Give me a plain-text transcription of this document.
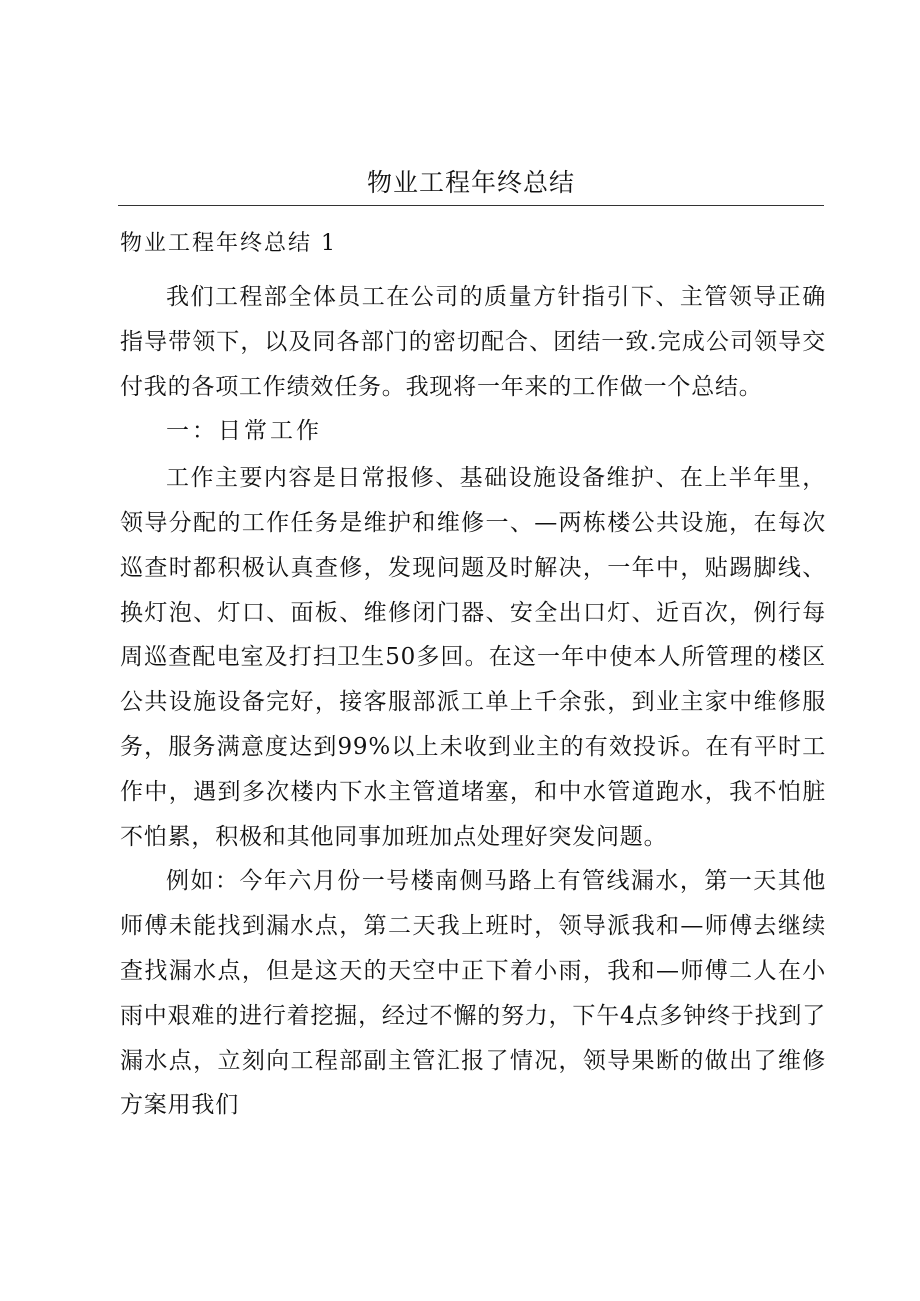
物业工程年终总结
物业工程年终总结 1

我们工程部全体员工在公司的质量方针指引下、主管领导正确指导带领下，以及同各部门的密切配合、团结一致.完成公司领导交付我的各项工作绩效任务。我现将一年来的工作做一个总结。

一：日常工作

工作主要内容是日常报修、基础设施设备维护、在上半年里，领导分配的工作任务是维护和维修一、—两栋楼公共设施，在每次巡查时都积极认真查修，发现问题及时解决，一年中，贴踢脚线、换灯泡、灯口、面板、维修闭门器、安全出口灯、近百次，例行每周巡查配电室及打扫卫生50多回。在这一年中使本人所管理的楼区公共设施设备完好，接客服部派工单上千余张，到业主家中维修服务，服务满意度达到99%以上未收到业主的有效投诉。在有平时工作中，遇到多次楼内下水主管道堵塞，和中水管道跑水，我不怕脏不怕累，积极和其他同事加班加点处理好突发问题。

例如：今年六月份一号楼南侧马路上有管线漏水，第一天其他师傅未能找到漏水点，第二天我上班时，领导派我和—师傅去继续查找漏水点，但是这天的天空中正下着小雨，我和—师傅二人在小雨中艰难的进行着挖掘，经过不懈的努力，下午4点多钟终于找到了漏水点，立刻向工程部副主管汇报了情况，领导果断的做出了维修方案用我们
